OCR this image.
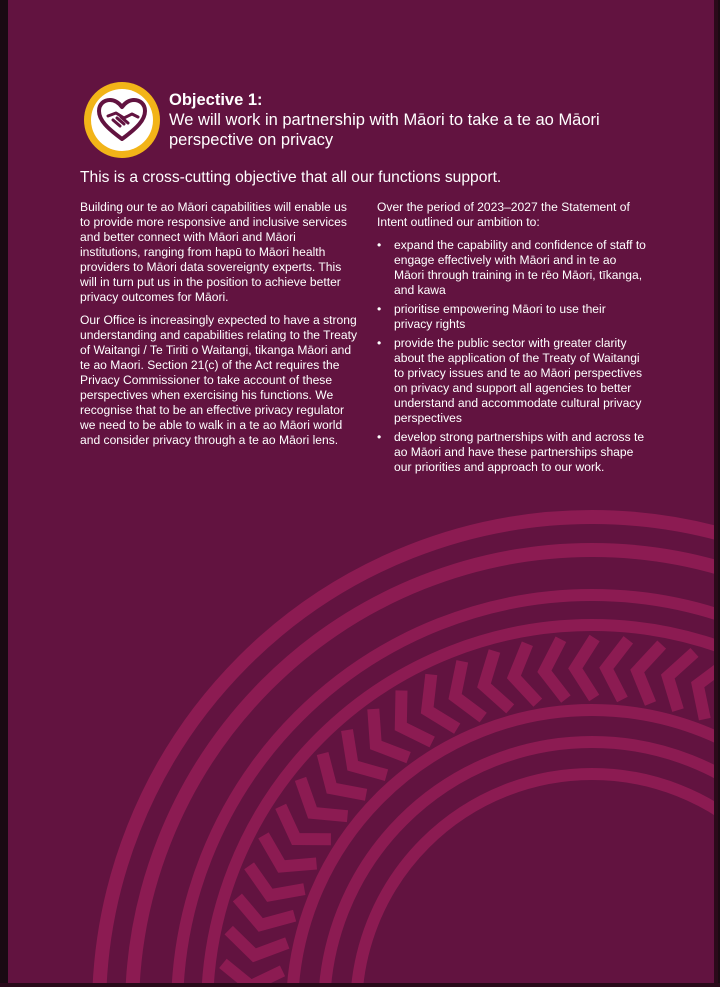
Objective 1:

We will work in partnership with Māori to take a te ao Māori perspective on privacy

This is a cross-cutting objective that all our functions support.

Building our te ao Māori capabilities will enable us to provide more responsive and inclusive services and better connect with Māori and Māori institutions, ranging from hapū to Māori health providers to Māori data sovereignty experts. This will in turn put us in the position to achieve better privacy outcomes for Māori.

Our Office is increasingly expected to have a strong understanding and capabilities relating to the Treaty of Waitangi / Te Tiriti o Waitangi, tikanga Māori and te ao Maori. Section 21(c) of the Act requires the Privacy Commissioner to take account of these perspectives when exercising his functions. We recognise that to be an effective privacy regulator we need to be able to walk in a te ao Māori world and consider privacy through a te ao Māori lens.

Over the period of 2023–2027 the Statement of Intent outlined our ambition to:

• expand the capability and confidence of staff to engage effectively with Māori and in te ao Māori through training in te rēo Māori, tīkanga, and kawa
• prioritise empowering Māori to use their privacy rights
• provide the public sector with greater clarity about the application of the Treaty of Waitangi to privacy issues and te ao Māori perspectives on privacy and support all agencies to better understand and accommodate cultural privacy perspectives
• develop strong partnerships with and across te ao Māori and have these partnerships shape our priorities and approach to our work.
